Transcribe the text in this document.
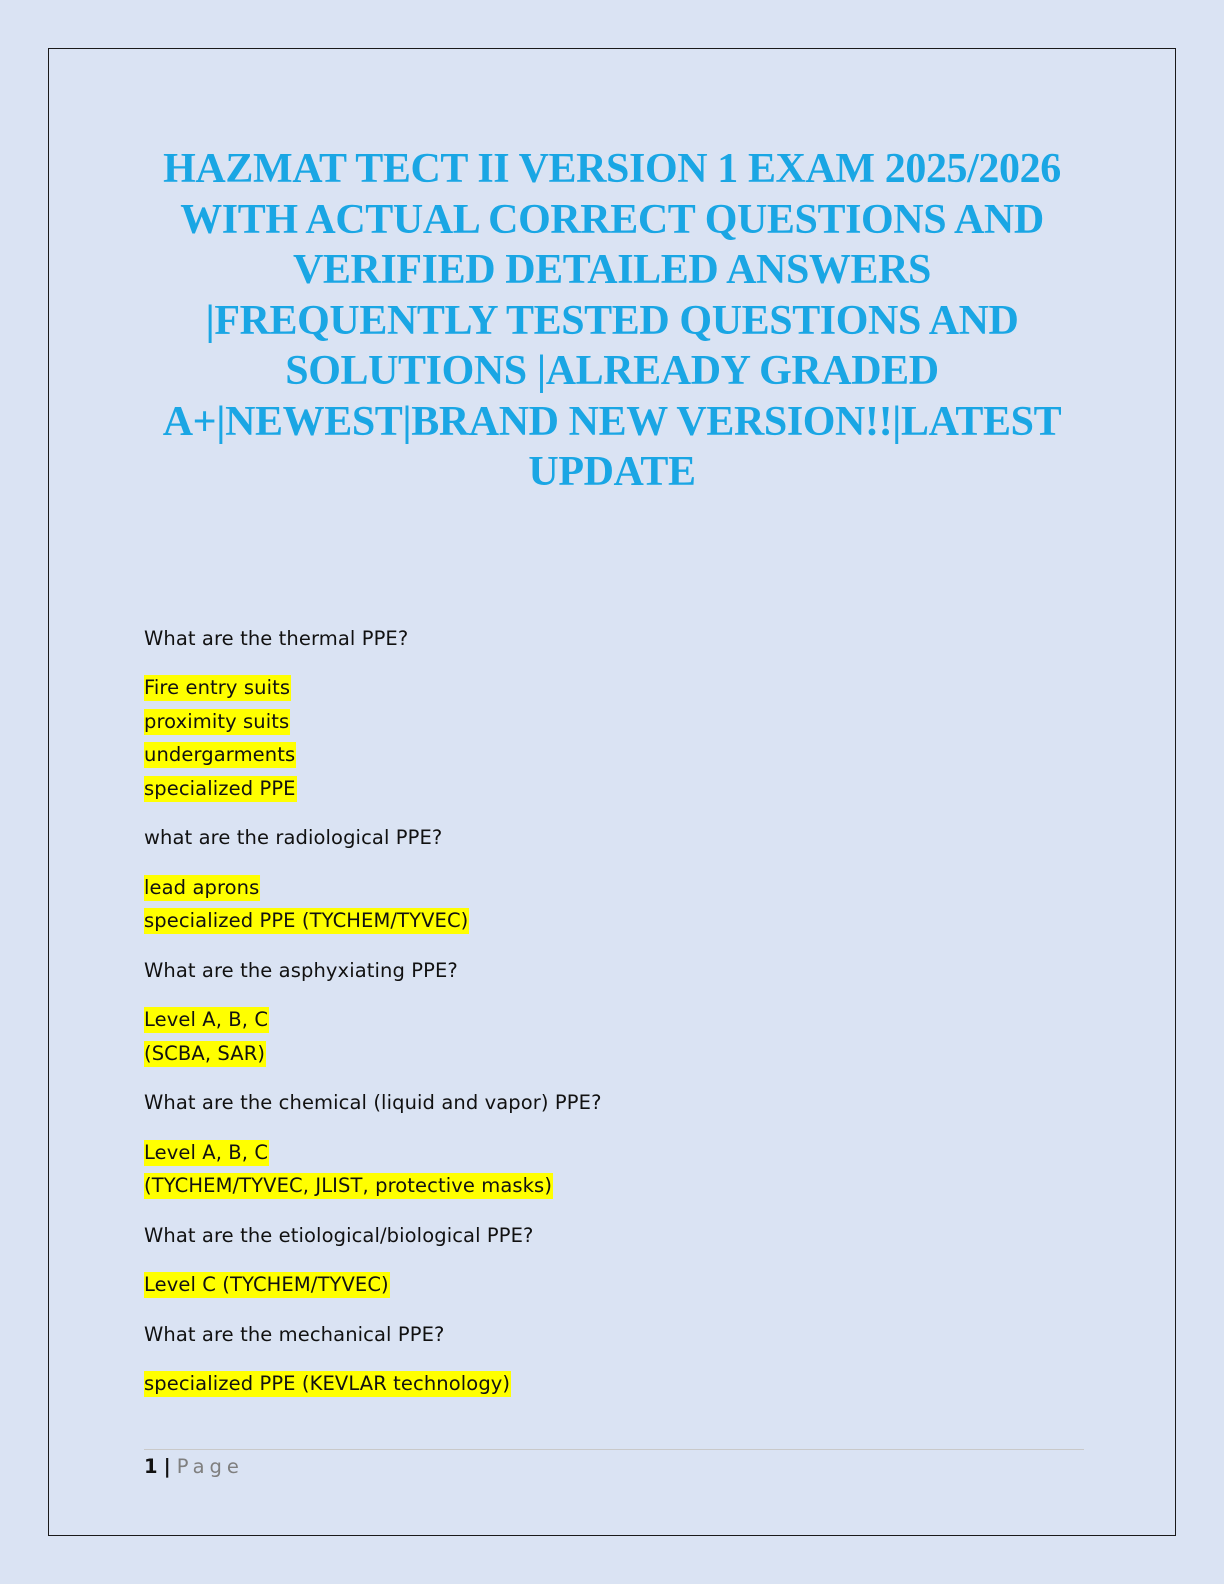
HAZMAT TECT II VERSION 1 EXAM 2025/2026
WITH ACTUAL CORRECT QUESTIONS AND
VERIFIED DETAILED ANSWERS
|FREQUENTLY TESTED QUESTIONS AND
SOLUTIONS |ALREADY GRADED
A+|NEWEST|BRAND NEW VERSION!!|LATEST
UPDATE
What are the thermal PPE?
Fire entry suits
proximity suits
undergarments
specialized PPE
what are the radiological PPE?
lead aprons
specialized PPE (TYCHEM/TYVEC)
What are the asphyxiating PPE?
Level A, B, C
(SCBA, SAR)
What are the chemical (liquid and vapor) PPE?
Level A, B, C
(TYCHEM/TYVEC, JLIST, protective masks)
What are the etiological/biological PPE?
Level C (TYCHEM/TYVEC)
What are the mechanical PPE?
specialized PPE (KEVLAR technology)
1 | Page
